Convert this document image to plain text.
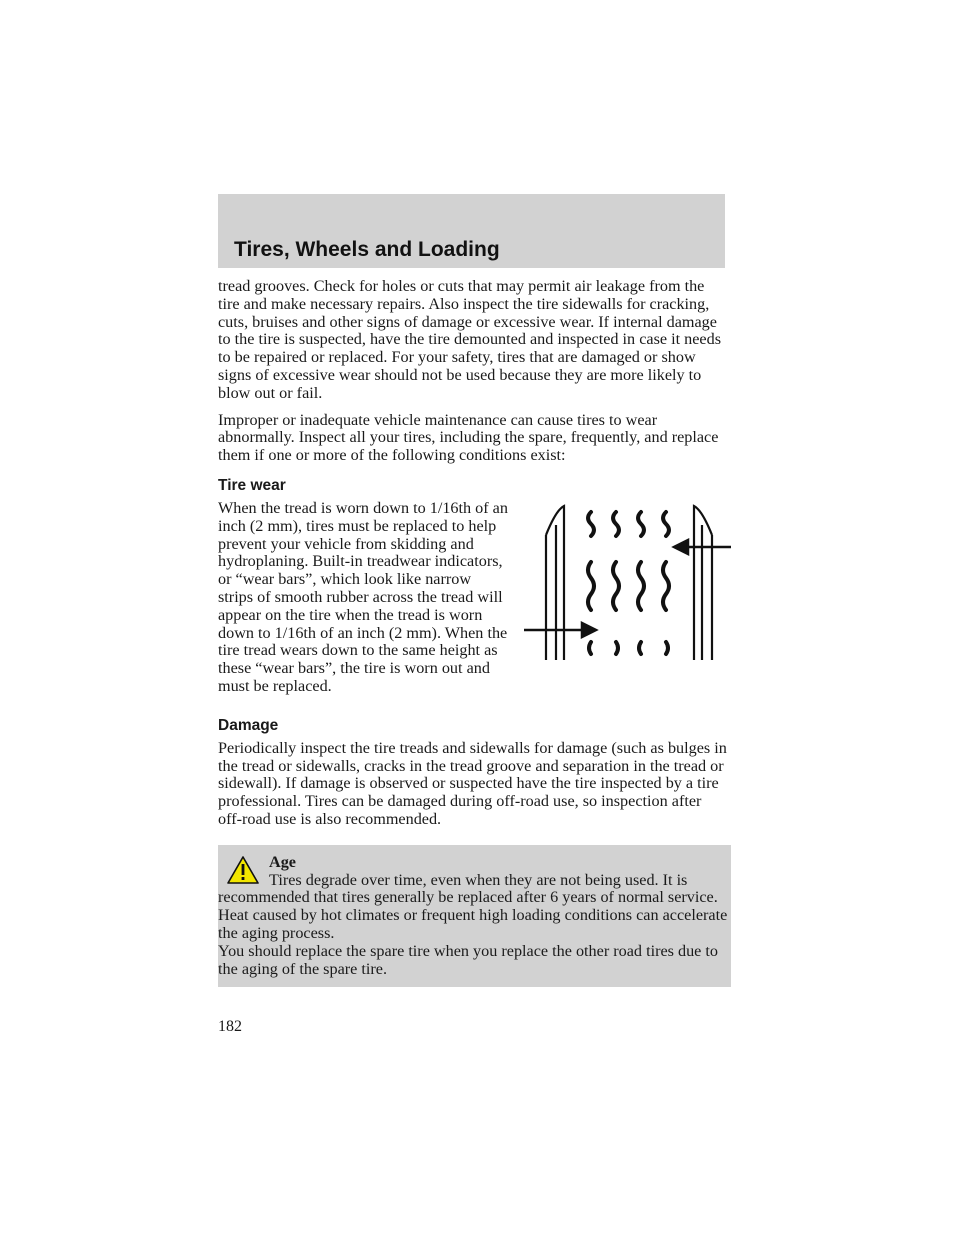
Tires, Wheels and Loading

tread grooves. Check for holes or cuts that may permit air leakage from the tire and make necessary repairs. Also inspect the tire sidewalls for cracking, cuts, bruises and other signs of damage or excessive wear. If internal damage to the tire is suspected, have the tire demounted and inspected in case it needs to be repaired or replaced. For your safety, tires that are damaged or show signs of excessive wear should not be used because they are more likely to blow out or fail.

Improper or inadequate vehicle maintenance can cause tires to wear abnormally. Inspect all your tires, including the spare, frequently, and replace them if one or more of the following conditions exist:

Tire wear

When the tread is worn down to 1/16th of an inch (2 mm), tires must be replaced to help prevent your vehicle from skidding and hydroplaning. Built-in treadwear indicators, or “wear bars”, which look like narrow strips of smooth rubber across the tread will appear on the tire when the tread is worn down to 1/16th of an inch (2 mm). When the tire tread wears down to the same height as these “wear bars”, the tire is worn out and must be replaced.

Damage

Periodically inspect the tire treads and sidewalls for damage (such as bulges in the tread or sidewalls, cracks in the tread groove and separation in the tread or sidewall). If damage is observed or suspected have the tire inspected by a tire professional. Tires can be damaged during off-road use, so inspection after off-road use is also recommended.

Age
Tires degrade over time, even when they are not being used. It is recommended that tires generally be replaced after 6 years of normal service. Heat caused by hot climates or frequent high loading conditions can accelerate the aging process.
You should replace the spare tire when you replace the other road tires due to the aging of the spare tire.

182
